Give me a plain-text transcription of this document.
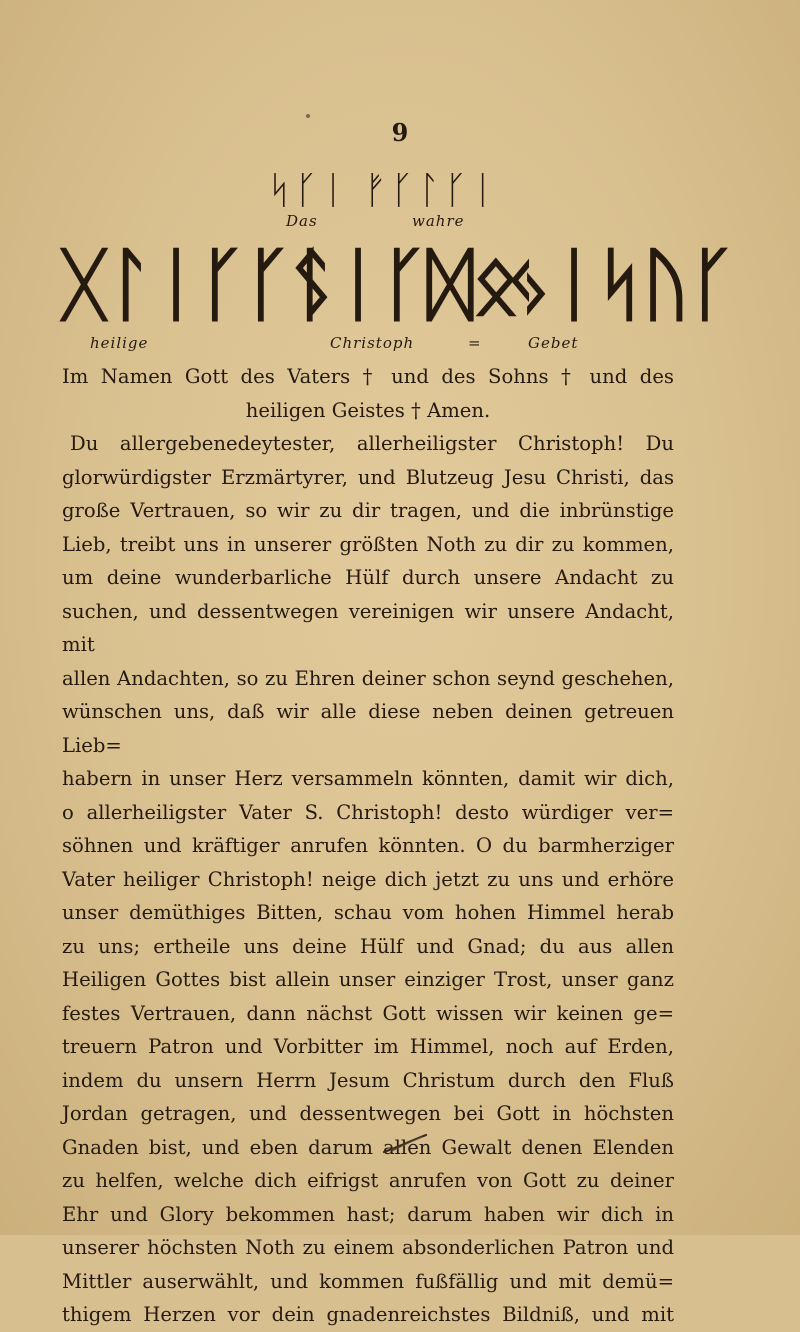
9
ᛋᚴᛁ ᚠᚴᛚᚴᛁ
Das	wahre
ᚷᛚᛁᚴᚴᛚ
ᛊᛁᚴᛞᛟ
ᛃᛁᛋᚢᚴ
heilige	Christoph	=	Gebet
Im Namen Gott des Vaters † und des Sohns † und des
heiligen Geistes † Amen.
Du allergebenedeytester, allerheiligster Christoph! Du
glorwürdigster Erzmärtyrer, und Blutzeug Jesu Christi, das
große Vertrauen, so wir zu dir tragen, und die inbrünstige
Lieb, treibt uns in unserer größten Noth zu dir zu kommen,
um deine wunderbarliche Hülf durch unsere Andacht zu
suchen, und dessentwegen vereinigen wir unsere Andacht, mit
allen Andachten, so zu Ehren deiner schon seynd geschehen,
wünschen uns, daß wir alle diese neben deinen getreuen Lieb=
habern in unser Herz versammeln könnten, damit wir dich,
o allerheiligster Vater S. Christoph! desto würdiger ver=
söhnen und kräftiger anrufen könnten. O du barmherziger
Vater heiliger Christoph! neige dich jetzt zu uns und erhöre
unser demüthiges Bitten, schau vom hohen Himmel herab
zu uns; ertheile uns deine Hülf und Gnad; du aus allen
Heiligen Gottes bist allein unser einziger Trost, unser ganz
festes Vertrauen, dann nächst Gott wissen wir keinen ge=
treuern Patron und Vorbitter im Himmel, noch auf Erden,
indem du unsern Herrn Jesum Christum durch den Fluß
Jordan getragen, und dessentwegen bei Gott in höchsten
Gnaden bist, und eben darum allen Gewalt denen Elenden
zu helfen, welche dich eifrigst anrufen von Gott zu deiner
Ehr und Glory bekommen hast; darum haben wir dich in
unserer höchsten Noth zu einem absonderlichen Patron und
Mittler auserwählt, und kommen fußfällig und mit demü=
thigem Herzen vor dein gnadenreichstes Bildniß, und mit
